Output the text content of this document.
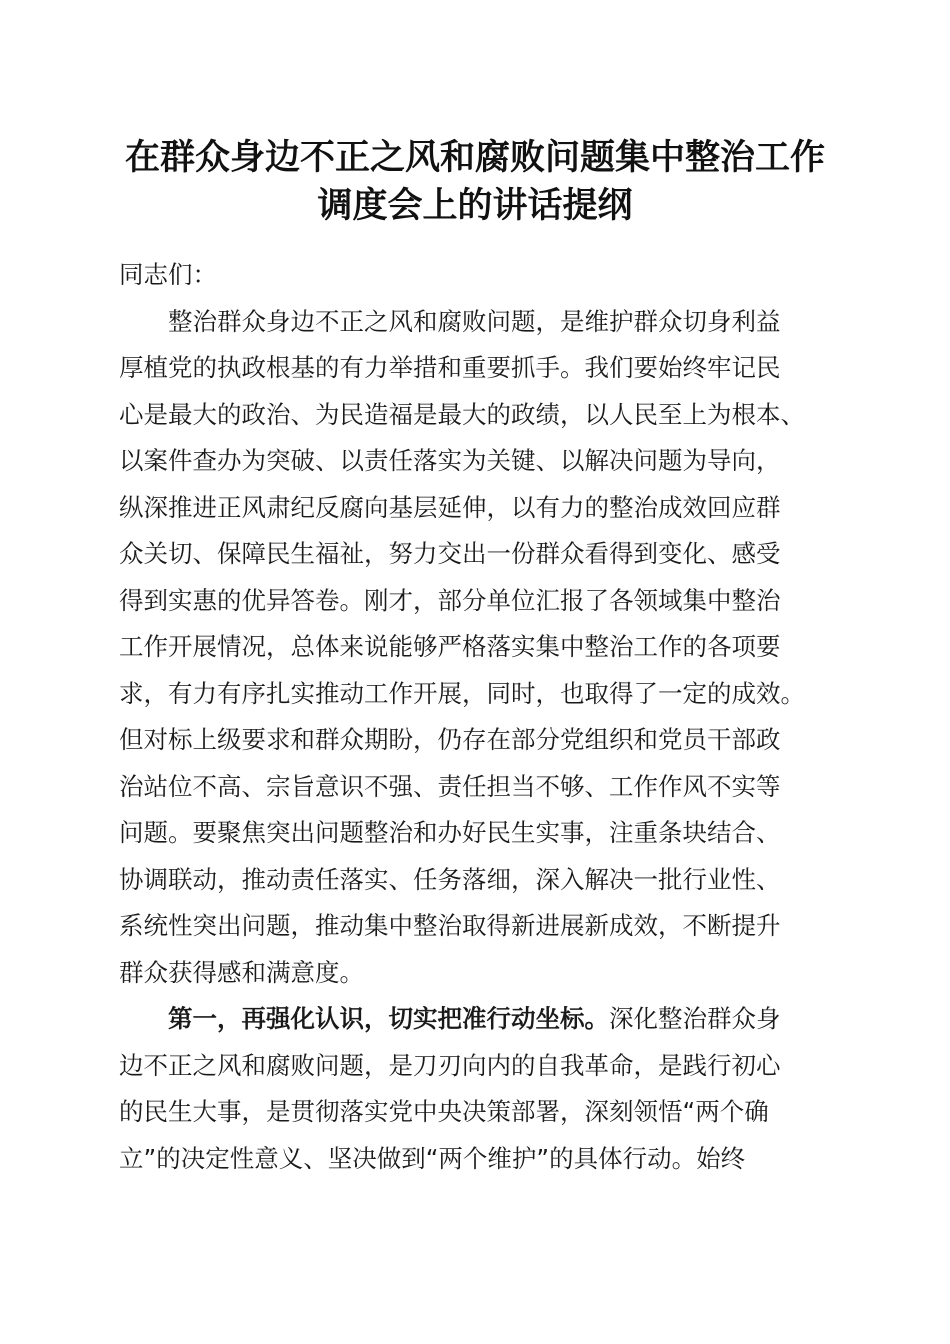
在群众身边不正之风和腐败问题集中整治工作
调度会上的讲话提纲
同志们：
　　整治群众身边不正之风和腐败问题，是维护群众切身利益
厚植党的执政根基的有力举措和重要抓手。我们要始终牢记民
心是最大的政治、为民造福是最大的政绩，以人民至上为根本、
以案件查办为突破、以责任落实为关键、以解决问题为导向，
纵深推进正风肃纪反腐向基层延伸，以有力的整治成效回应群
众关切、保障民生福祉，努力交出一份群众看得到变化、感受
得到实惠的优异答卷。刚才，部分单位汇报了各领域集中整治
工作开展情况，总体来说能够严格落实集中整治工作的各项要
求，有力有序扎实推动工作开展，同时，也取得了一定的成效。
但对标上级要求和群众期盼，仍存在部分党组织和党员干部政
治站位不高、宗旨意识不强、责任担当不够、工作作风不实等
问题。要聚焦突出问题整治和办好民生实事，注重条块结合、
协调联动，推动责任落实、任务落细，深入解决一批行业性、
系统性突出问题，推动集中整治取得新进展新成效，不断提升
群众获得感和满意度。
　　第一，再强化认识，切实把准行动坐标。深化整治群众身
边不正之风和腐败问题，是刀刃向内的自我革命，是践行初心
的民生大事，是贯彻落实党中央决策部署，深刻领悟“两个确
立”的决定性意义、坚决做到“两个维护”的具体行动。始终
